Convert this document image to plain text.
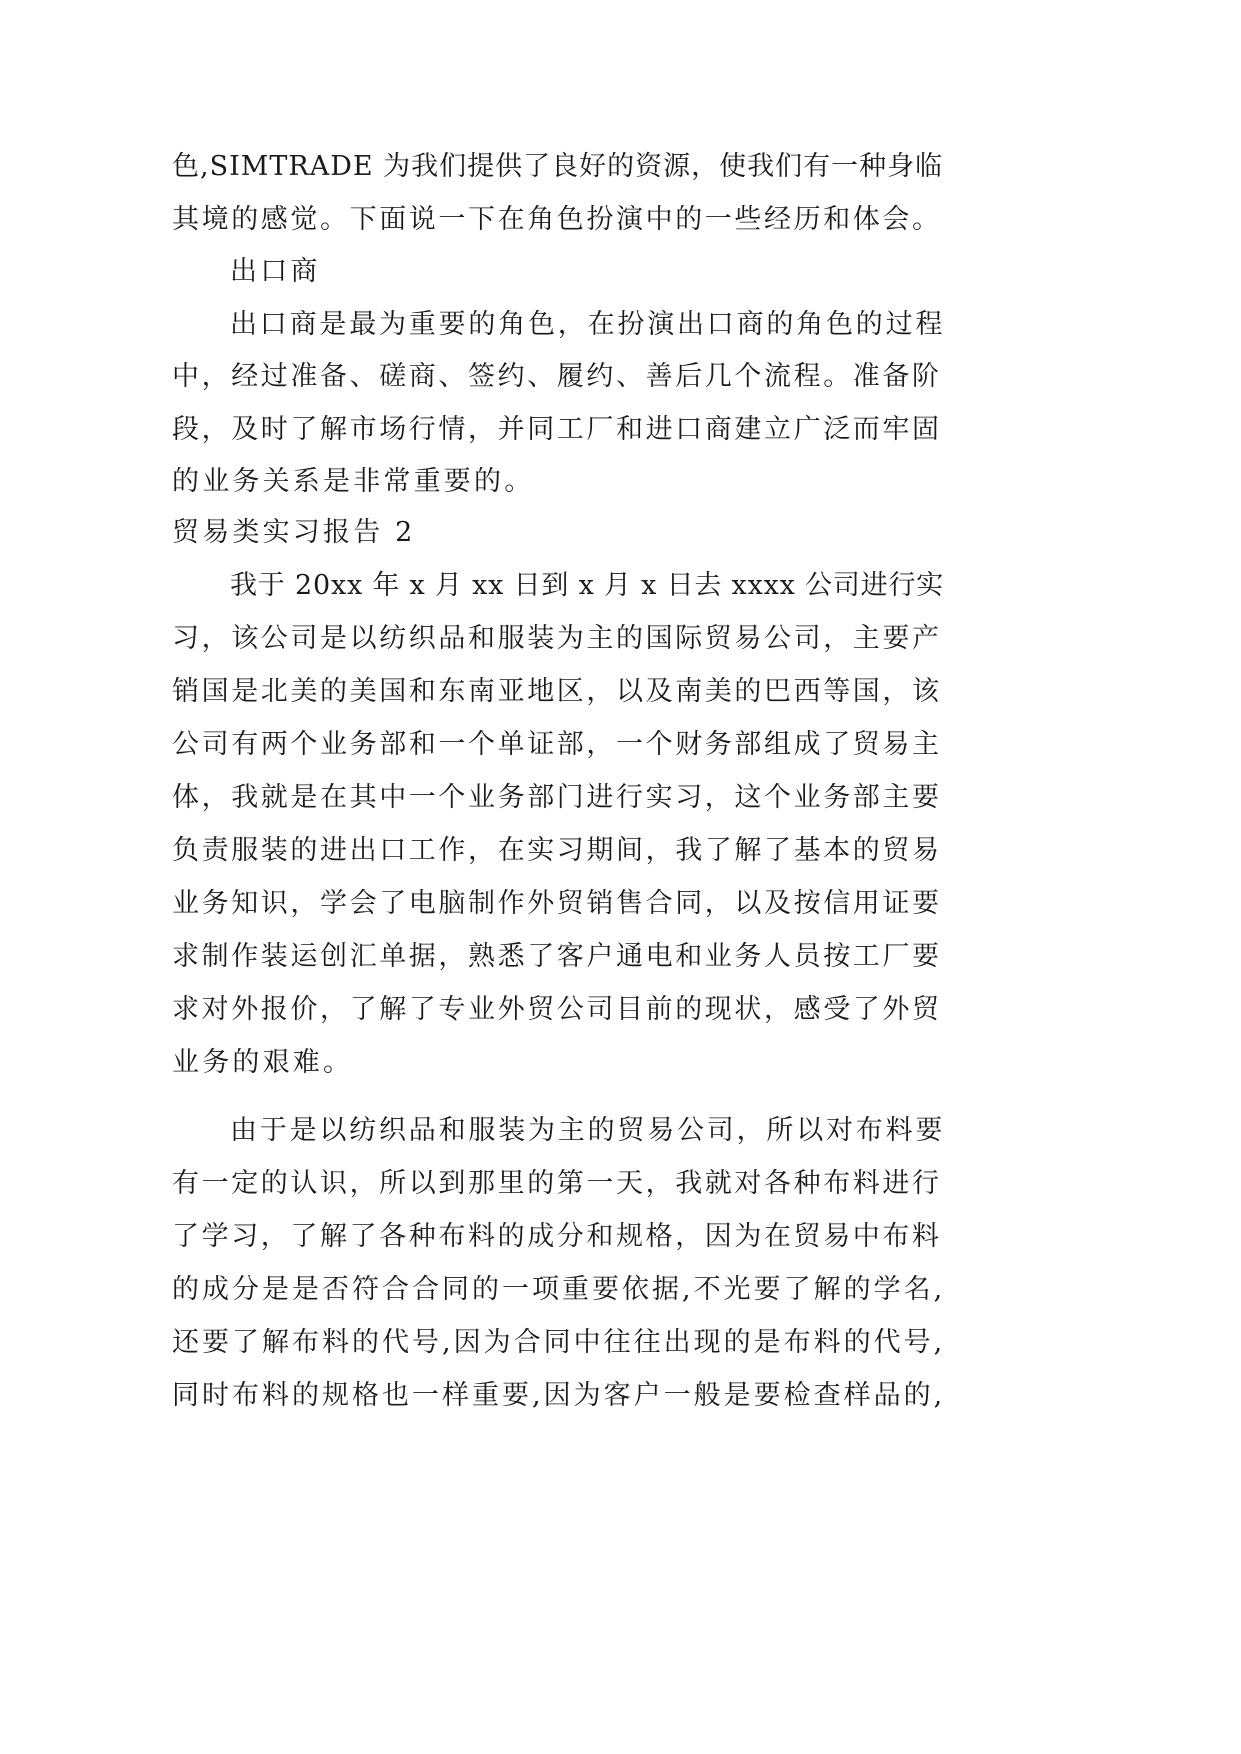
色,SIMTRADE 为我们提供了良好的资源，使我们有一种身临
其境的感觉。下面说一下在角色扮演中的一些经历和体会。
出口商
出口商是最为重要的角色，在扮演出口商的角色的过程
中，经过准备、磋商、签约、履约、善后几个流程。准备阶
段，及时了解市场行情，并同工厂和进口商建立广泛而牢固
的业务关系是非常重要的。
贸易类实习报告 2
我于 20xx 年 x 月 xx 日到 x 月 x 日去 xxxx 公司进行实
习，该公司是以纺织品和服装为主的国际贸易公司，主要产
销国是北美的美国和东南亚地区，以及南美的巴西等国，该
公司有两个业务部和一个单证部，一个财务部组成了贸易主
体，我就是在其中一个业务部门进行实习，这个业务部主要
负责服装的进出口工作，在实习期间，我了解了基本的贸易
业务知识，学会了电脑制作外贸销售合同，以及按信用证要
求制作装运创汇单据，熟悉了客户通电和业务人员按工厂要
求对外报价，了解了专业外贸公司目前的现状，感受了外贸
业务的艰难。
由于是以纺织品和服装为主的贸易公司，所以对布料要
有一定的认识，所以到那里的第一天，我就对各种布料进行
了学习，了解了各种布料的成分和规格，因为在贸易中布料
的成分是是否符合合同的一项重要依据,不光要了解的学名,
还要了解布料的代号,因为合同中往往出现的是布料的代号,
同时布料的规格也一样重要,因为客户一般是要检查样品的,
